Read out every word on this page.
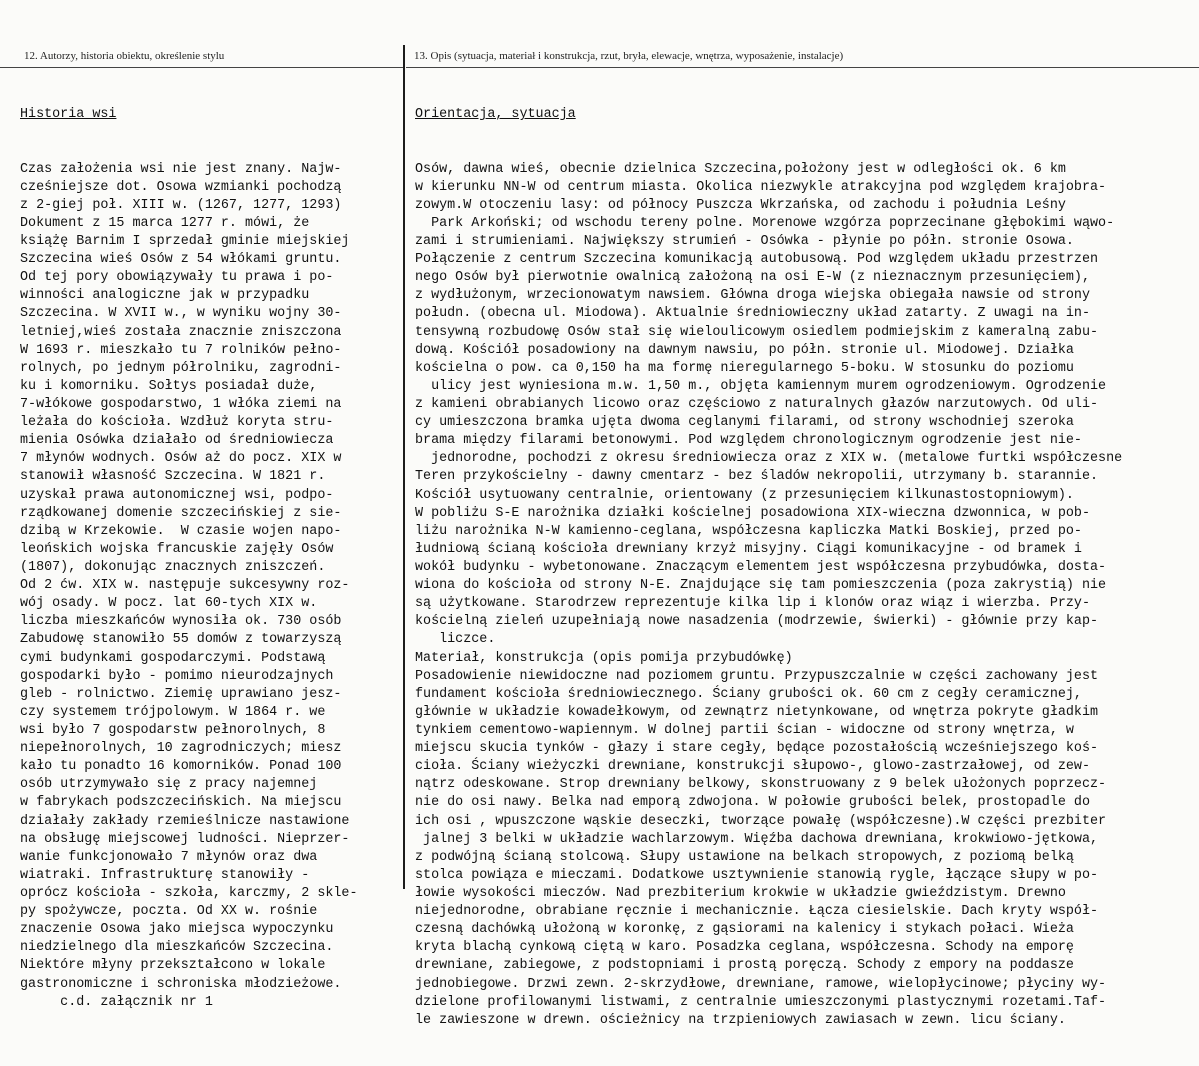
12. Autorzy, historia obiektu, określenie stylu

Historia wsi

Czas założenia wsi nie jest znany. Najw-
cześniejsze dot. Osowa wzmianki pochodzą
z 2-giej poł. XIII w. (1267, 1277, 1293)
Dokument z 15 marca 1277 r. mówi, że
książę Barnim I sprzedał gminie miejskiej
Szczecina wieś Osów z 54 włókami gruntu.
Od tej pory obowiązywały tu prawa i po-
winności analogiczne jak w przypadku
Szczecina. W XVII w., w wyniku wojny 30-
letniej,wieś została znacznie zniszczona
W 1693 r. mieszkało tu 7 rolników pełno-
rolnych, po jednym półrolniku, zagrodni-
ku i komorniku. Sołtys posiadał duże,
7-włókowe gospodarstwo, 1 włóka ziemi na
leżała do kościoła. Wzdłuż koryta stru-
mienia Osówka działało od średniowiecza
7 młynów wodnych. Osów aż do pocz. XIX w
stanowił własność Szczecina. W 1821 r.
uzyskał prawa autonomicznej wsi, podpo-
rządkowanej domenie szczecińskiej z sie-
dzibą w Krzekowie.  W czasie wojen napo-
leońskich wojska francuskie zajęły Osów
(1807), dokonując znacznych zniszczeń.
Od 2 ćw. XIX w. następuje sukcesywny roz-
wój osady. W pocz. lat 60-tych XIX w.
liczba mieszkańców wynosiła ok. 730 osób
Zabudowę stanowiło 55 domów z towarzyszą
cymi budynkami gospodarczymi. Podstawą
gospodarki było - pomimo nieurodzajnych
gleb - rolnictwo. Ziemię uprawiano jesz-
czy systemem trójpolowym. W 1864 r. we
wsi było 7 gospodarstw pełnorolnych, 8
niepełnorolnych, 10 zagrodniczych; miesz
kało tu ponadto 16 komorników. Ponad 100
osób utrzymywało się z pracy najemnej
w fabrykach podszczecińskich. Na miejscu
działały zakłady rzemieślnicze nastawione
na obsługę miejscowej ludności. Nieprzer-
wanie funkcjonowało 7 młynów oraz dwa
wiatraki. Infrastrukturę stanowiły -
oprócz kościoła - szkoła, karczmy, 2 skle-
py spożywcze, poczta. Od XX w. rośnie
znaczenie Osowa jako miejsca wypoczynku
niedzielnego dla mieszkańców Szczecina.
Niektóre młyny przekształcono w lokale
gastronomiczne i schroniska młodzieżowe.
c.d. załącznik nr 1

13. Opis (sytuacja, materiał i konstrukcja, rzut, bryła, elewacje, wnętrza, wyposażenie, instalacje)

Orientacja, sytuacja

Osów, dawna wieś, obecnie dzielnica Szczecina,położony jest w odległości ok. 6 km
w kierunku NN-W od centrum miasta. Okolica niezwykle atrakcyjna pod względem krajobra-
zowym.W otoczeniu lasy: od północy Puszcza Wkrzańska, od zachodu i południa Leśny
Park Arkoński; od wschodu tereny polne. Morenowe wzgórza poprzecinane głębokimi wąwo-
zami i strumieniami. Największy strumień - Osówka - płynie po półn. stronie Osowa.
Połączenie z centrum Szczecina komunikacją autobusową. Pod względem układu przestrzen
nego Osów był pierwotnie owalnicą założoną na osi E-W (z nieznacznym przesunięciem),
z wydłużonym, wrzecionowatym nawsiem. Główna droga wiejska obiegała nawsie od strony
połudn. (obecna ul. Miodowa). Aktualnie średniowieczny układ zatarty. Z uwagi na in-
tensywną rozbudowę Osów stał się wieloulicowym osiedlem podmiejskim z kameralną zabu-
dową. Kościół posadowiony na dawnym nawsiu, po półn. stronie ul. Miodowej. Działka
kościelna o pow. ca 0,150 ha ma formę nieregularnego 5-boku. W stosunku do poziomu
ulicy jest wyniesiona m.w. 1,50 m., objęta kamiennym murem ogrodzeniowym. Ogrodzenie
z kamieni obrabianych licowo oraz częściowo z naturalnych głazów narzutowych. Od uli-
cy umieszczona bramka ujęta dwoma ceglanymi filarami, od strony wschodniej szeroka
brama między filarami betonowymi. Pod względem chronologicznym ogrodzenie jest nie-
jednorodne, pochodzi z okresu średniowiecza oraz z XIX w. (metalowe furtki współczesne
Teren przykościelny - dawny cmentarz - bez śladów nekropolii, utrzymany b. starannie.
Kościół usytuowany centralnie, orientowany (z przesunięciem kilkunastostopniowym).
W pobliżu S-E narożnika działki kościelnej posadowiona XIX-wieczna dzwonnica, w pob-
liżu narożnika N-W kamienno-ceglana, współczesna kapliczka Matki Boskiej, przed po-
łudniową ścianą kościoła drewniany krzyż misyjny. Ciągi komunikacyjne - od bramek i
wokół budynku - wybetonowane. Znaczącym elementem jest współczesna przybudówka, dosta-
wiona do kościoła od strony N-E. Znajdujące się tam pomieszczenia (poza zakrystią) nie
są użytkowane. Starodrzew reprezentuje kilka lip i klonów oraz wiąz i wierzba. Przy-
kościelną zieleń uzupełniają nowe nasadzenia (modrzewie, świerki) - głównie przy kap-
liczce.
Materiał, konstrukcja (opis pomija przybudówkę)
Posadowienie niewidoczne nad poziomem gruntu. Przypuszczalnie w części zachowany jest
fundament kościoła średniowiecznego. Ściany grubości ok. 60 cm z cegły ceramicznej,
głównie w układzie kowadełkowym, od zewnątrz nietynkowane, od wnętrza pokryte gładkim
tynkiem cementowo-wapiennym. W dolnej partii ścian - widoczne od strony wnętrza, w
miejscu skucia tynków - głazy i stare cegły, będące pozostałością wcześniejszego koś-
cioła. Ściany wieżyczki drewniane, konstrukcji słupowo-, glowo-zastrzałowej, od zew-
nątrz odeskowane. Strop drewniany belkowy, skonstruowany z 9 belek ułożonych poprzecz-
nie do osi nawy. Belka nad emporą zdwojona. W połowie grubości belek, prostopadle do
ich osi , wpuszczone wąskie deseczki, tworzące powałę (współczesne).W części prezbiter
jalnej 3 belki w układzie wachlarzowym. Więźba dachowa drewniana, krokwiowo-jętkowa,
z podwójną ścianą stolcową. Słupy ustawione na belkach stropowych, z poziomą belką
stolca powiąza e mieczami. Dodatkowe usztywnienie stanowią rygle, łączące słupy w po-
łowie wysokości mieczów. Nad prezbiterium krokwie w układzie gwieździstym. Drewno
niejednorodne, obrabiane ręcznie i mechanicznie. Łącza ciesielskie. Dach kryty współ-
czesną dachówką ułożoną w koronkę, z gąsiorami na kalenicy i stykach połaci. Wieża
kryta blachą cynkową ciętą w karo. Posadzka ceglana, współczesna. Schody na emporę
drewniane, zabiegowe, z podstopniami i prostą poręczą. Schody z empory na poddasze
jednobiegowe. Drzwi zewn. 2-skrzydłowe, drewniane, ramowe, wielopłycinowe; płyciny wy-
dzielone profilowanymi listwami, z centralnie umieszczonymi plastycznymi rozetami.Taf-
le zawieszone w drewn. ościeżnicy na trzpieniowych zawiasach w zewn. licu ściany.
